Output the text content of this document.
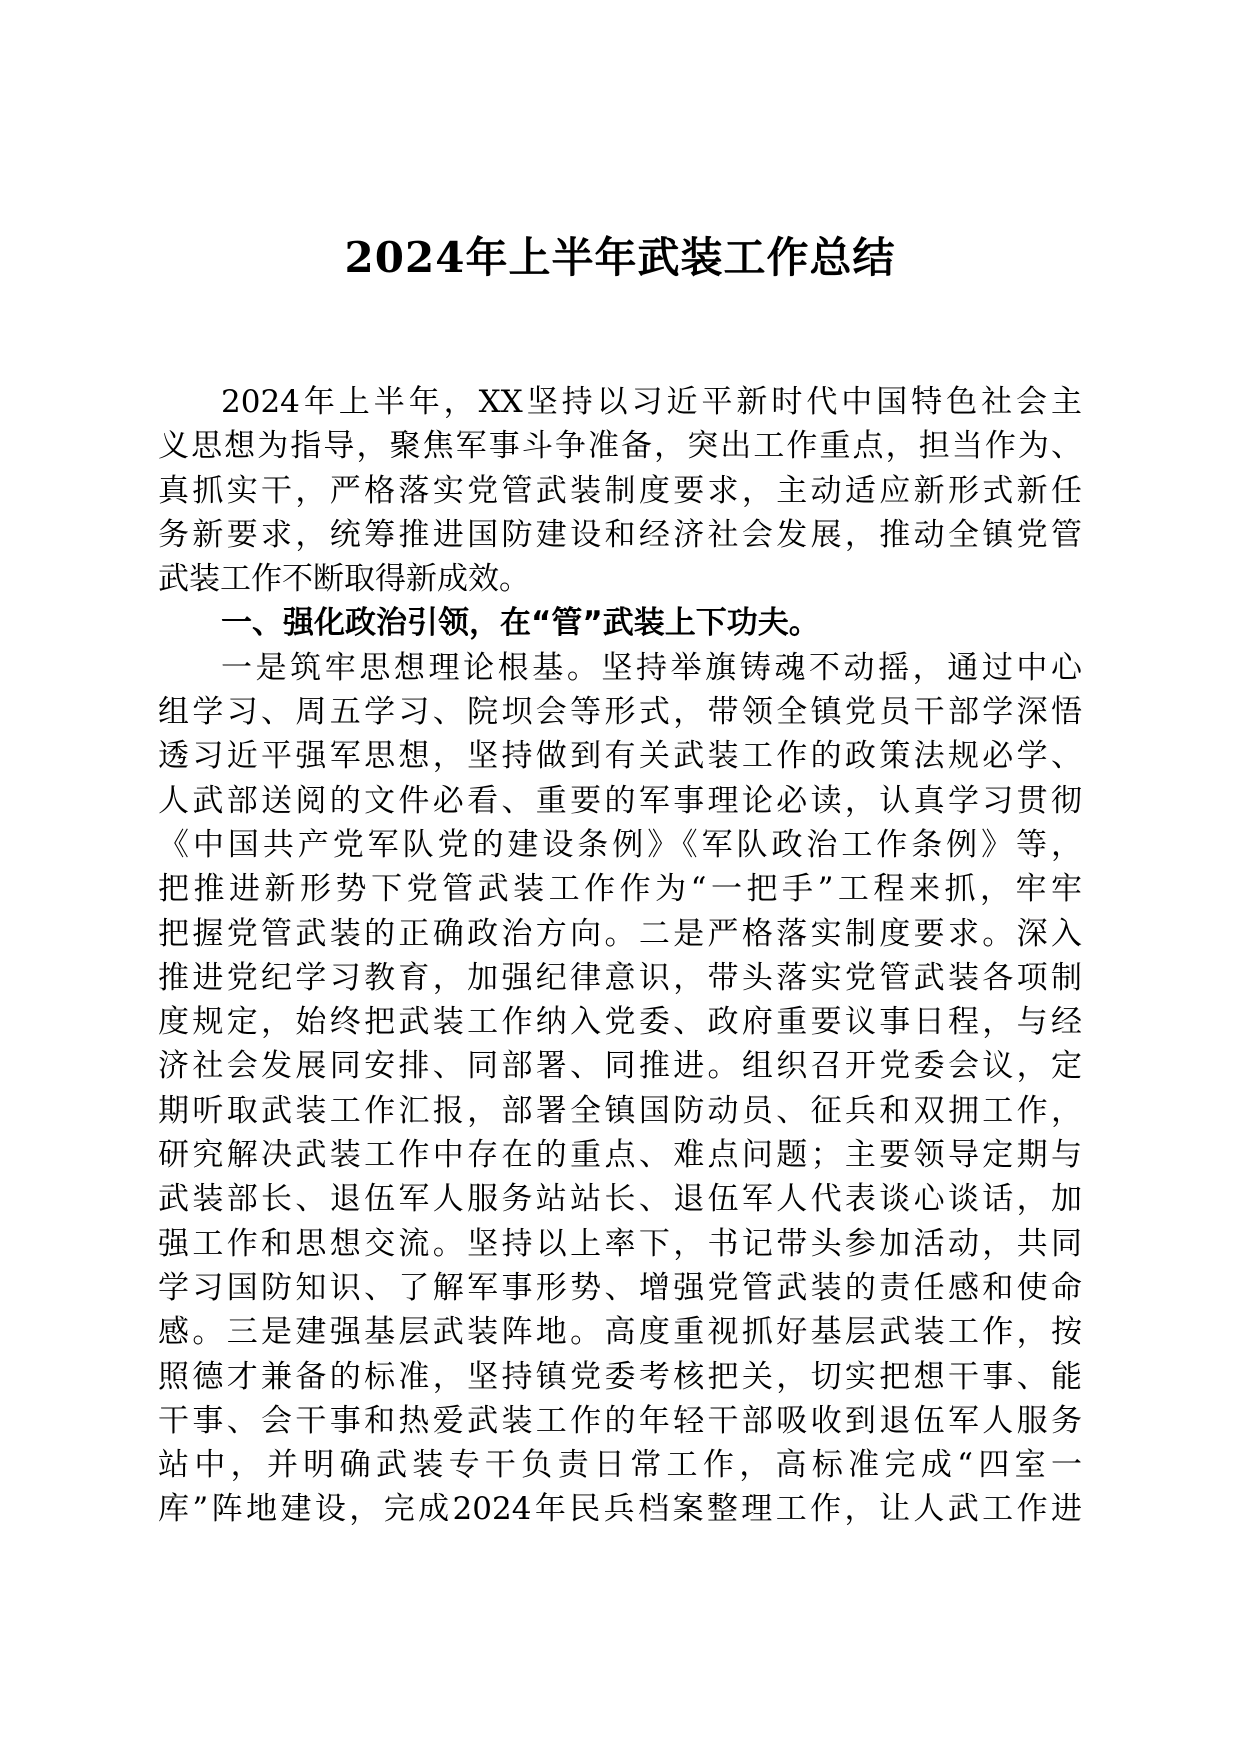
2024年上半年武装工作总结
2024年上半年，XX坚持以习近平新时代中国特色社会主
义思想为指导，聚焦军事斗争准备，突出工作重点，担当作为、
真抓实干，严格落实党管武装制度要求，主动适应新形式新任
务新要求，统筹推进国防建设和经济社会发展，推动全镇党管
武装工作不断取得新成效。
一、强化政治引领，在“管”武装上下功夫。
一是筑牢思想理论根基。坚持举旗铸魂不动摇，通过中心
组学习、周五学习、院坝会等形式，带领全镇党员干部学深悟
透习近平强军思想，坚持做到有关武装工作的政策法规必学、
人武部送阅的文件必看、重要的军事理论必读，认真学习贯彻
《中国共产党军队党的建设条例》《军队政治工作条例》等，
把推进新形势下党管武装工作作为“一把手”工程来抓，牢牢
把握党管武装的正确政治方向。二是严格落实制度要求。深入
推进党纪学习教育，加强纪律意识，带头落实党管武装各项制
度规定，始终把武装工作纳入党委、政府重要议事日程，与经
济社会发展同安排、同部署、同推进。组织召开党委会议，定
期听取武装工作汇报，部署全镇国防动员、征兵和双拥工作，
研究解决武装工作中存在的重点、难点问题；主要领导定期与
武装部长、退伍军人服务站站长、退伍军人代表谈心谈话，加
强工作和思想交流。坚持以上率下，书记带头参加活动，共同
学习国防知识、了解军事形势、增强党管武装的责任感和使命
感。三是建强基层武装阵地。高度重视抓好基层武装工作，按
照德才兼备的标准，坚持镇党委考核把关，切实把想干事、能
干事、会干事和热爱武装工作的年轻干部吸收到退伍军人服务
站中，并明确武装专干负责日常工作，高标准完成“四室一
库”阵地建设，完成2024年民兵档案整理工作，让人武工作进
